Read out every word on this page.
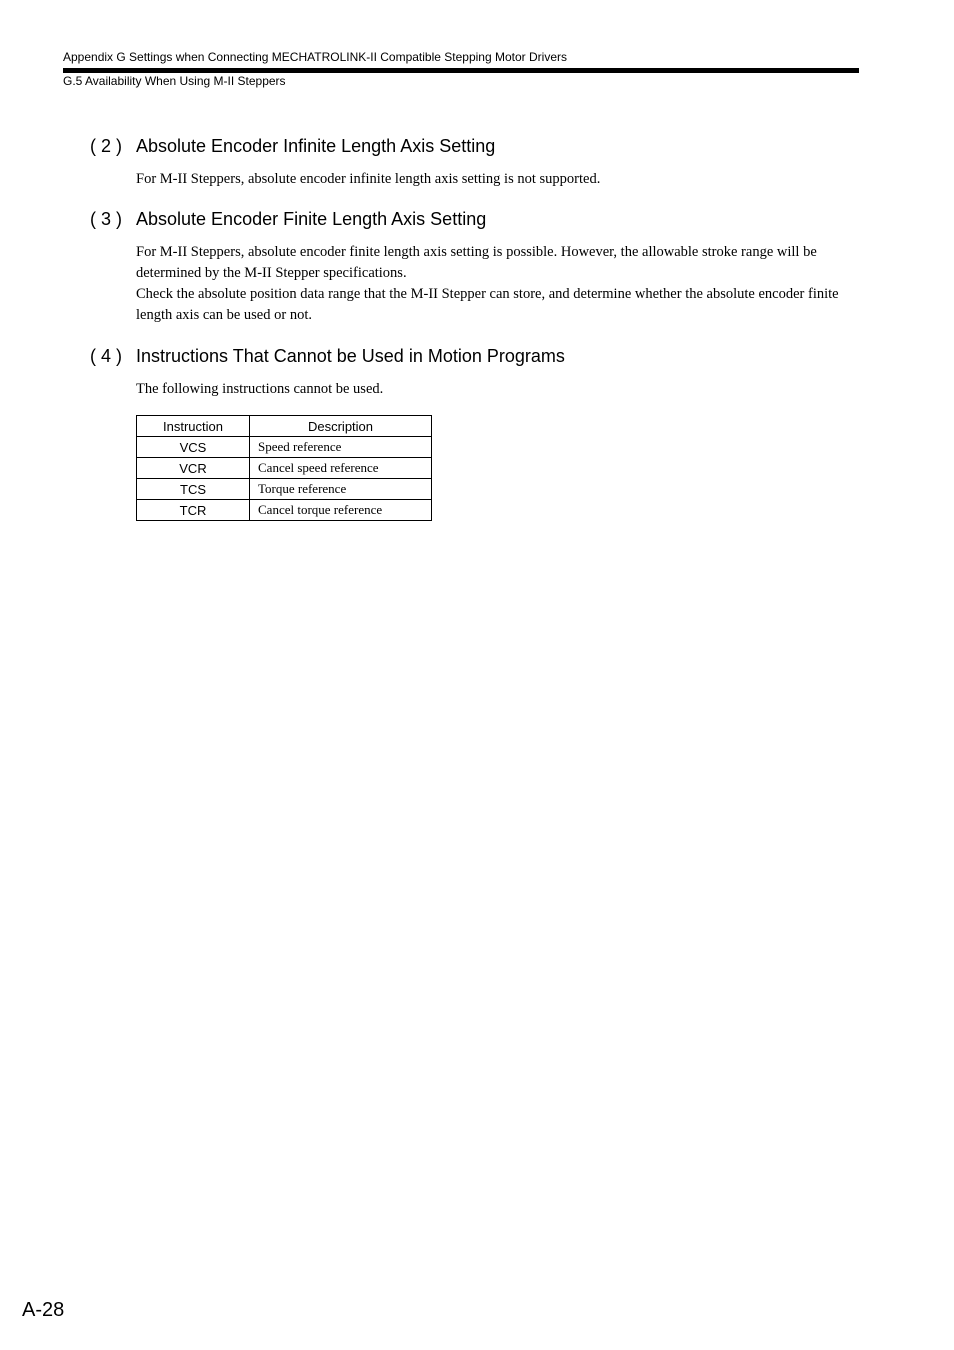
Appendix G Settings when Connecting MECHATROLINK-II Compatible Stepping Motor Drivers
G.5 Availability When Using M-II Steppers
( 2 ) Absolute Encoder Infinite Length Axis Setting

For M-II Steppers, absolute encoder infinite length axis setting is not supported.

( 3 ) Absolute Encoder Finite Length Axis Setting

For M-II Steppers, absolute encoder finite length axis setting is possible. However, the allowable stroke range will be determined by the M-II Stepper specifications.

Check the absolute position data range that the M-II Stepper can store, and determine whether the absolute encoder finite length axis can be used or not.

( 4 ) Instructions That Cannot be Used in Motion Programs

The following instructions cannot be used.

Instruction	Description
VCS	Speed reference
VCR	Cancel speed reference
TCS	Torque reference
TCR	Cancel torque reference
A-28
